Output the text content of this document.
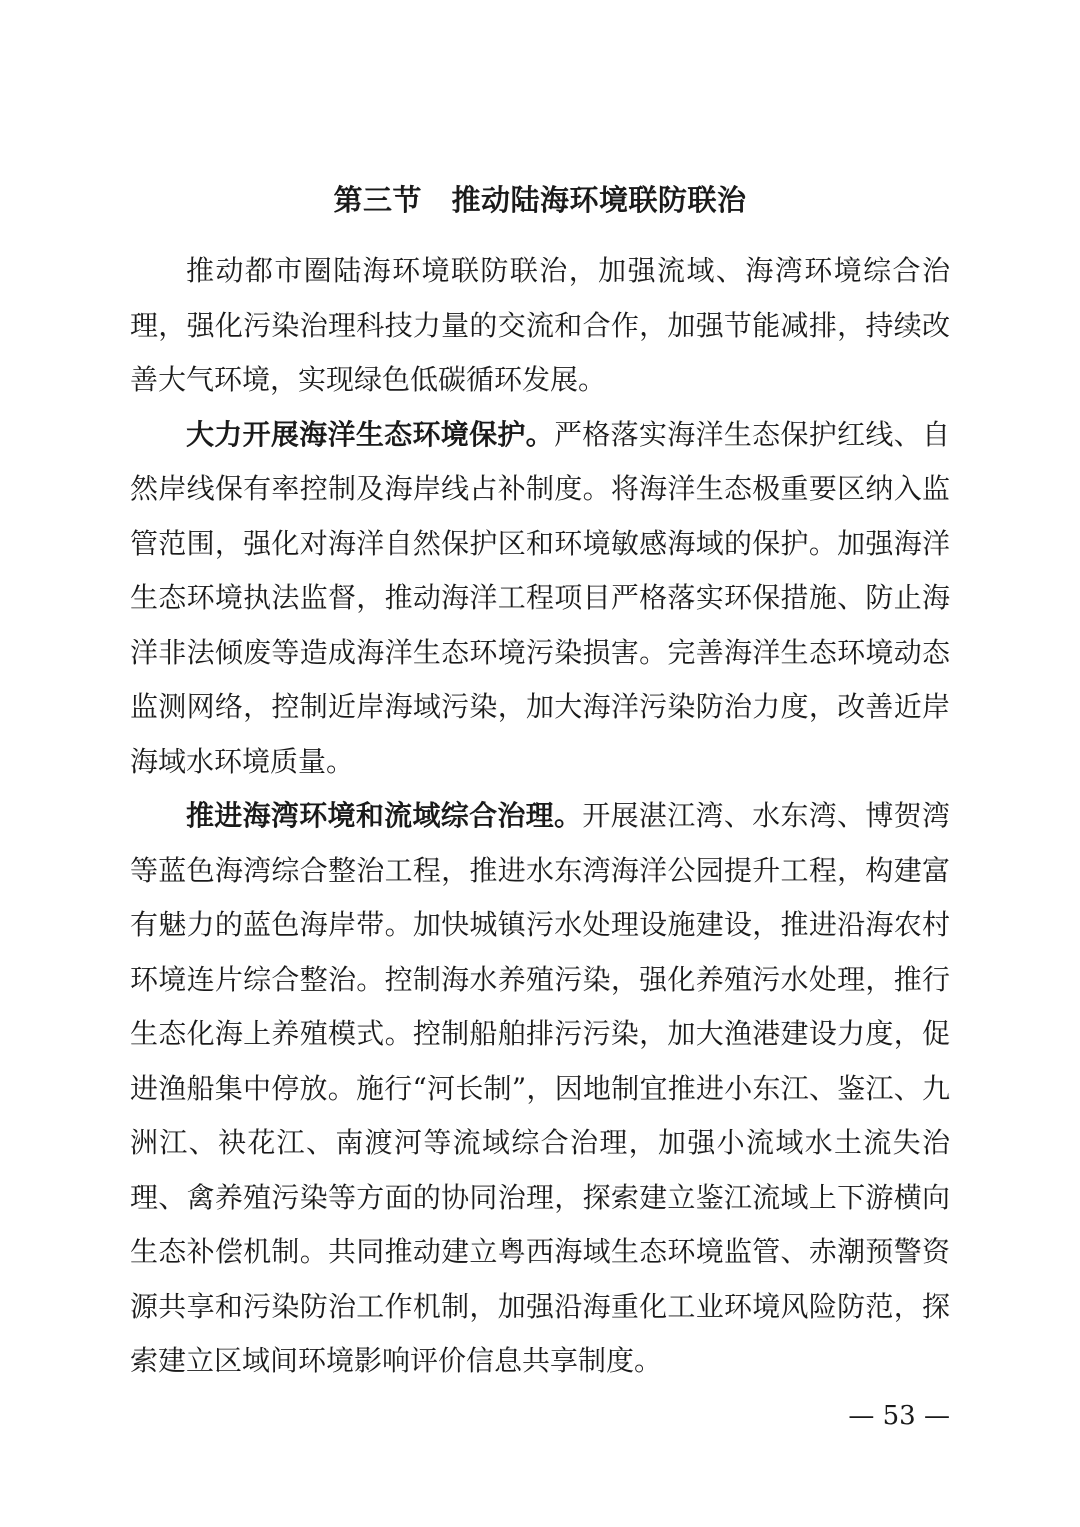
第三节　推动陆海环境联防联治

推动都市圈陆海环境联防联治，加强流域、海湾环境综合治理，强化污染治理科技力量的交流和合作，加强节能减排，持续改善大气环境，实现绿色低碳循环发展。

大力开展海洋生态环境保护。严格落实海洋生态保护红线、自然岸线保有率控制及海岸线占补制度。将海洋生态极重要区纳入监管范围，强化对海洋自然保护区和环境敏感海域的保护。加强海洋生态环境执法监督，推动海洋工程项目严格落实环保措施、防止海洋非法倾废等造成海洋生态环境污染损害。完善海洋生态环境动态监测网络，控制近岸海域污染，加大海洋污染防治力度，改善近岸海域水环境质量。

推进海湾环境和流域综合治理。开展湛江湾、水东湾、博贺湾等蓝色海湾综合整治工程，推进水东湾海洋公园提升工程，构建富有魅力的蓝色海岸带。加快城镇污水处理设施建设，推进沿海农村环境连片综合整治。控制海水养殖污染，强化养殖污水处理，推行生态化海上养殖模式。控制船舶排污污染，加大渔港建设力度，促进渔船集中停放。施行“河长制”，因地制宜推进小东江、鉴江、九洲江、袂花江、南渡河等流域综合治理，加强小流域水土流失治理、禽养殖污染等方面的协同治理，探索建立鉴江流域上下游横向生态补偿机制。共同推动建立粤西海域生态环境监管、赤潮预警资源共享和污染防治工作机制，加强沿海重化工业环境风险防范，探索建立区域间环境影响评价信息共享制度。

— 53 —
